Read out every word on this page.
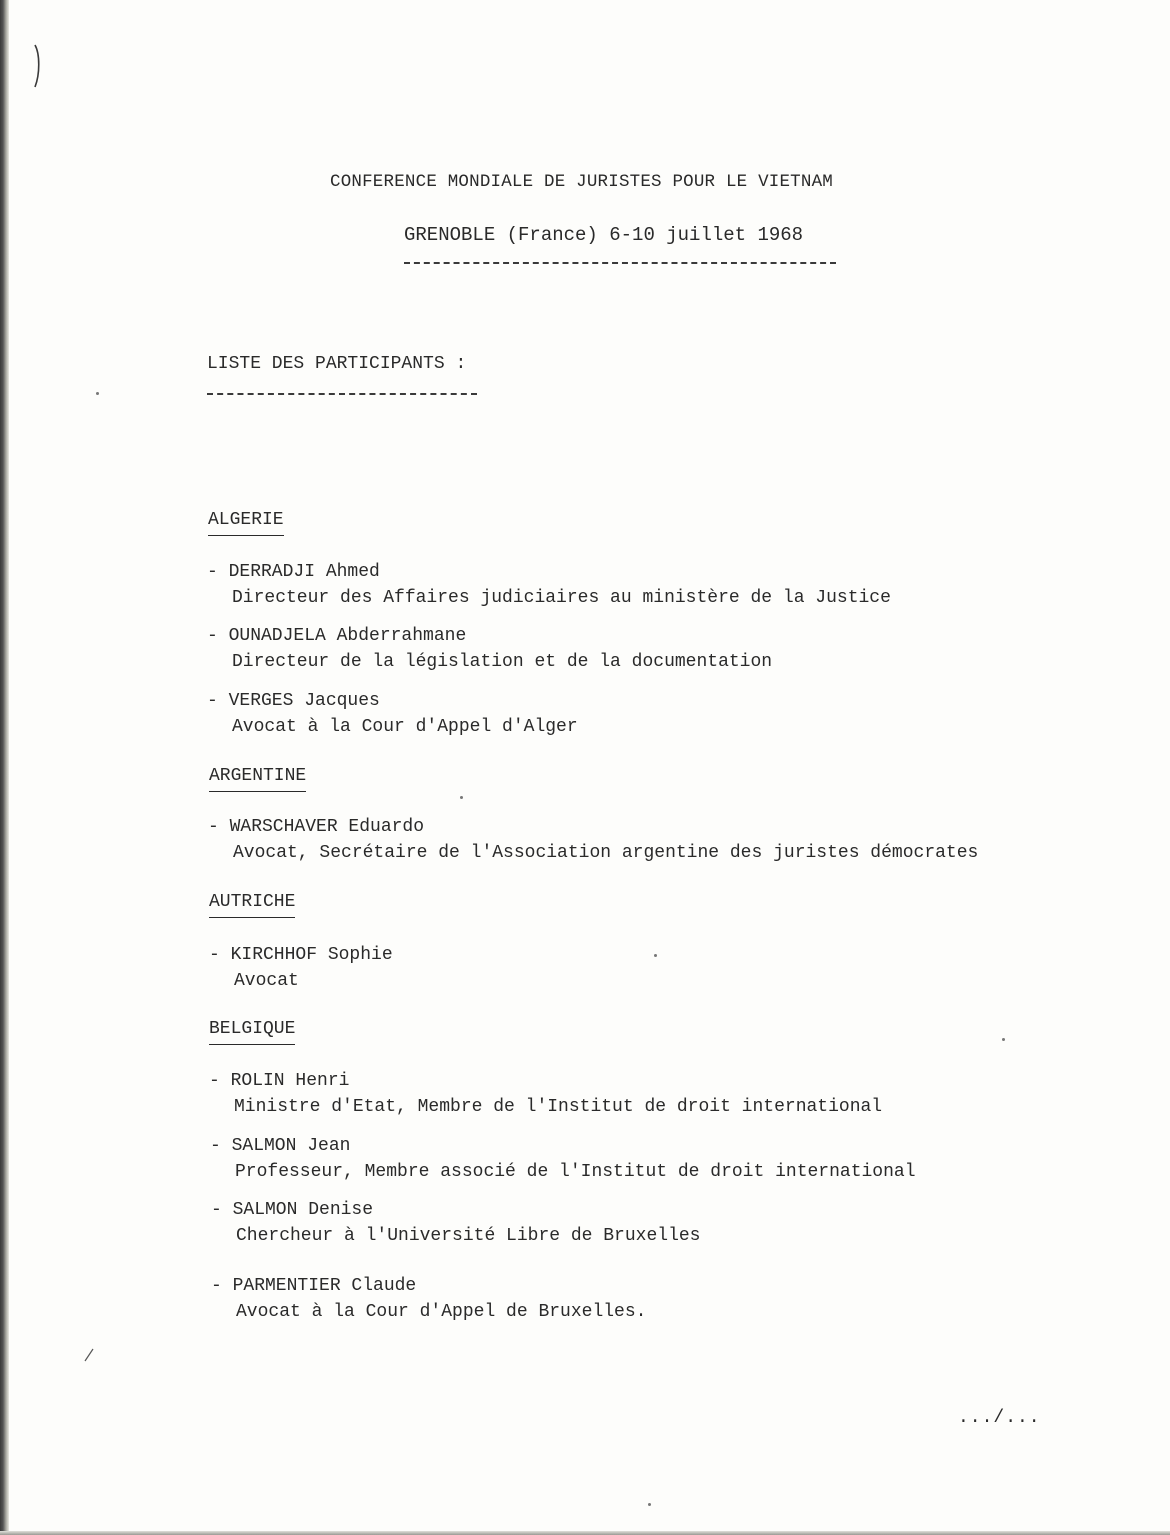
CONFERENCE MONDIALE DE JURISTES POUR LE VIETNAM
GRENOBLE (France) 6-10 juillet 1968
LISTE DES PARTICIPANTS :
ALGERIE
- DERRADJI Ahmed
Directeur des Affaires judiciaires au ministère de la Justice
- OUNADJELA Abderrahmane
Directeur de la législation et de la documentation
- VERGES Jacques
Avocat à la Cour d'Appel d'Alger
ARGENTINE
- WARSCHAVER Eduardo
Avocat, Secrétaire de l'Association argentine des juristes démocrates
AUTRICHE
- KIRCHHOF Sophie
Avocat
BELGIQUE
- ROLIN Henri
Ministre d'Etat, Membre de l'Institut de droit international
- SALMON Jean
Professeur, Membre associé de l'Institut de droit international
- SALMON Denise
Chercheur à l'Université Libre de Bruxelles
- PARMENTIER Claude
Avocat à la Cour d'Appel de Bruxelles.
.../...
